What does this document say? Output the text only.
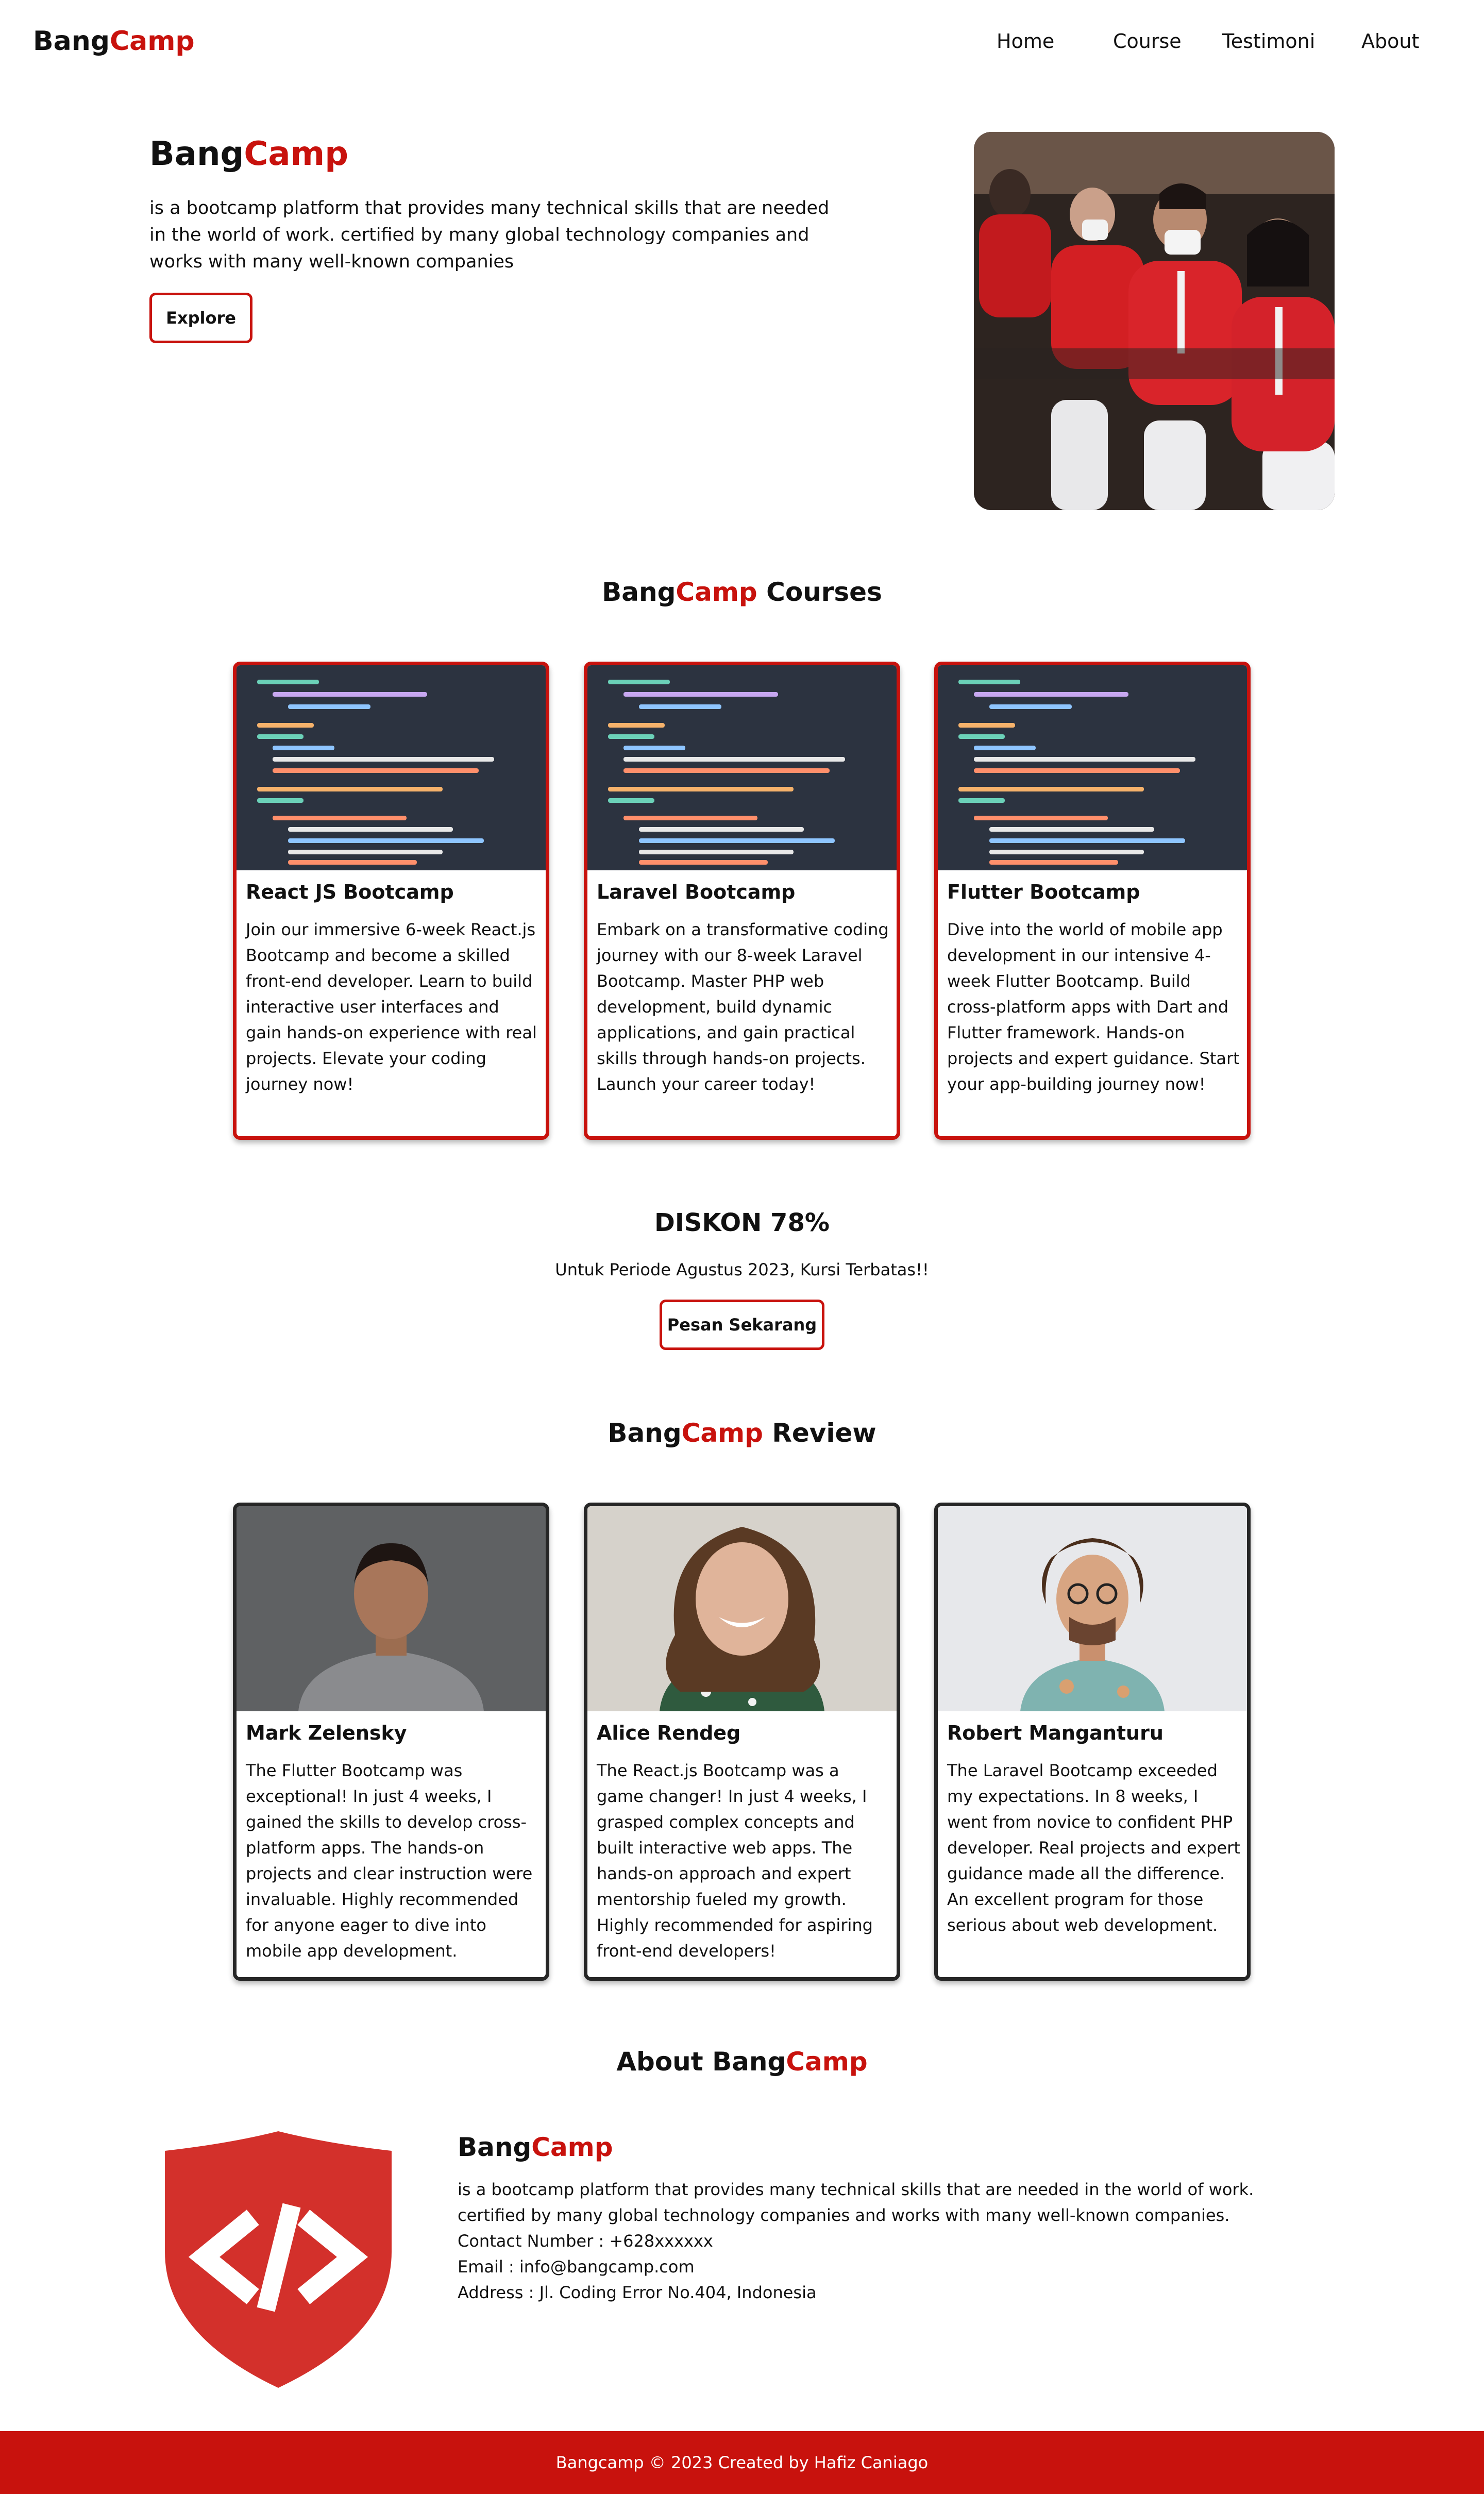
BangCamp	Home	Course Testimoni About
BangCamp
is a bootcamp platform that provides many technical skills that are needed in the world of work. certified by many global technology companies and works with many well-known companies
Explore
BangCamp Courses
React JS Bootcamp
Join our immersive 6-week React.js Bootcamp and become a skilled front-end developer. Learn to build interactive user interfaces and gain hands-on experience with real projects. Elevate your coding journey now!
Laravel Bootcamp
Embark on a transformative coding journey with our 8-week Laravel Bootcamp. Master PHP web development, build dynamic applications, and gain practical skills through hands-on projects. Launch your career today!
Flutter Bootcamp
Dive into the world of mobile app development in our intensive 4-week Flutter Bootcamp. Build cross-platform apps with Dart and Flutter framework. Hands-on projects and expert guidance. Start your app-building journey now!
DISKON 78%
Untuk Periode Agustus 2023, Kursi Terbatas!!
Pesan Sekarang
BangCamp Review
Mark Zelensky
The Flutter Bootcamp was exceptional! In just 4 weeks, I gained the skills to develop cross-platform apps. The hands-on projects and clear instruction were invaluable. Highly recommended for anyone eager to dive into mobile app development.
Alice Rendeg
The React.js Bootcamp was a game changer! In just 4 weeks, I grasped complex concepts and built interactive web apps. The hands-on approach and expert mentorship fueled my growth. Highly recommended for aspiring front-end developers!
Robert Manganturu
The Laravel Bootcamp exceeded my expectations. In 8 weeks, I went from novice to confident PHP developer. Real projects and expert guidance made all the difference. An excellent program for those serious about web development.
About BangCamp
BangCamp
is a bootcamp platform that provides many technical skills that are needed in the world of work. certified by many global technology companies and works with many well-known companies.
Contact Number : +628xxxxxx
Email : info@bangcamp.com
Address : Jl. Coding Error No.404, Indonesia
Bangcamp © 2023 Created by Hafiz Caniago
